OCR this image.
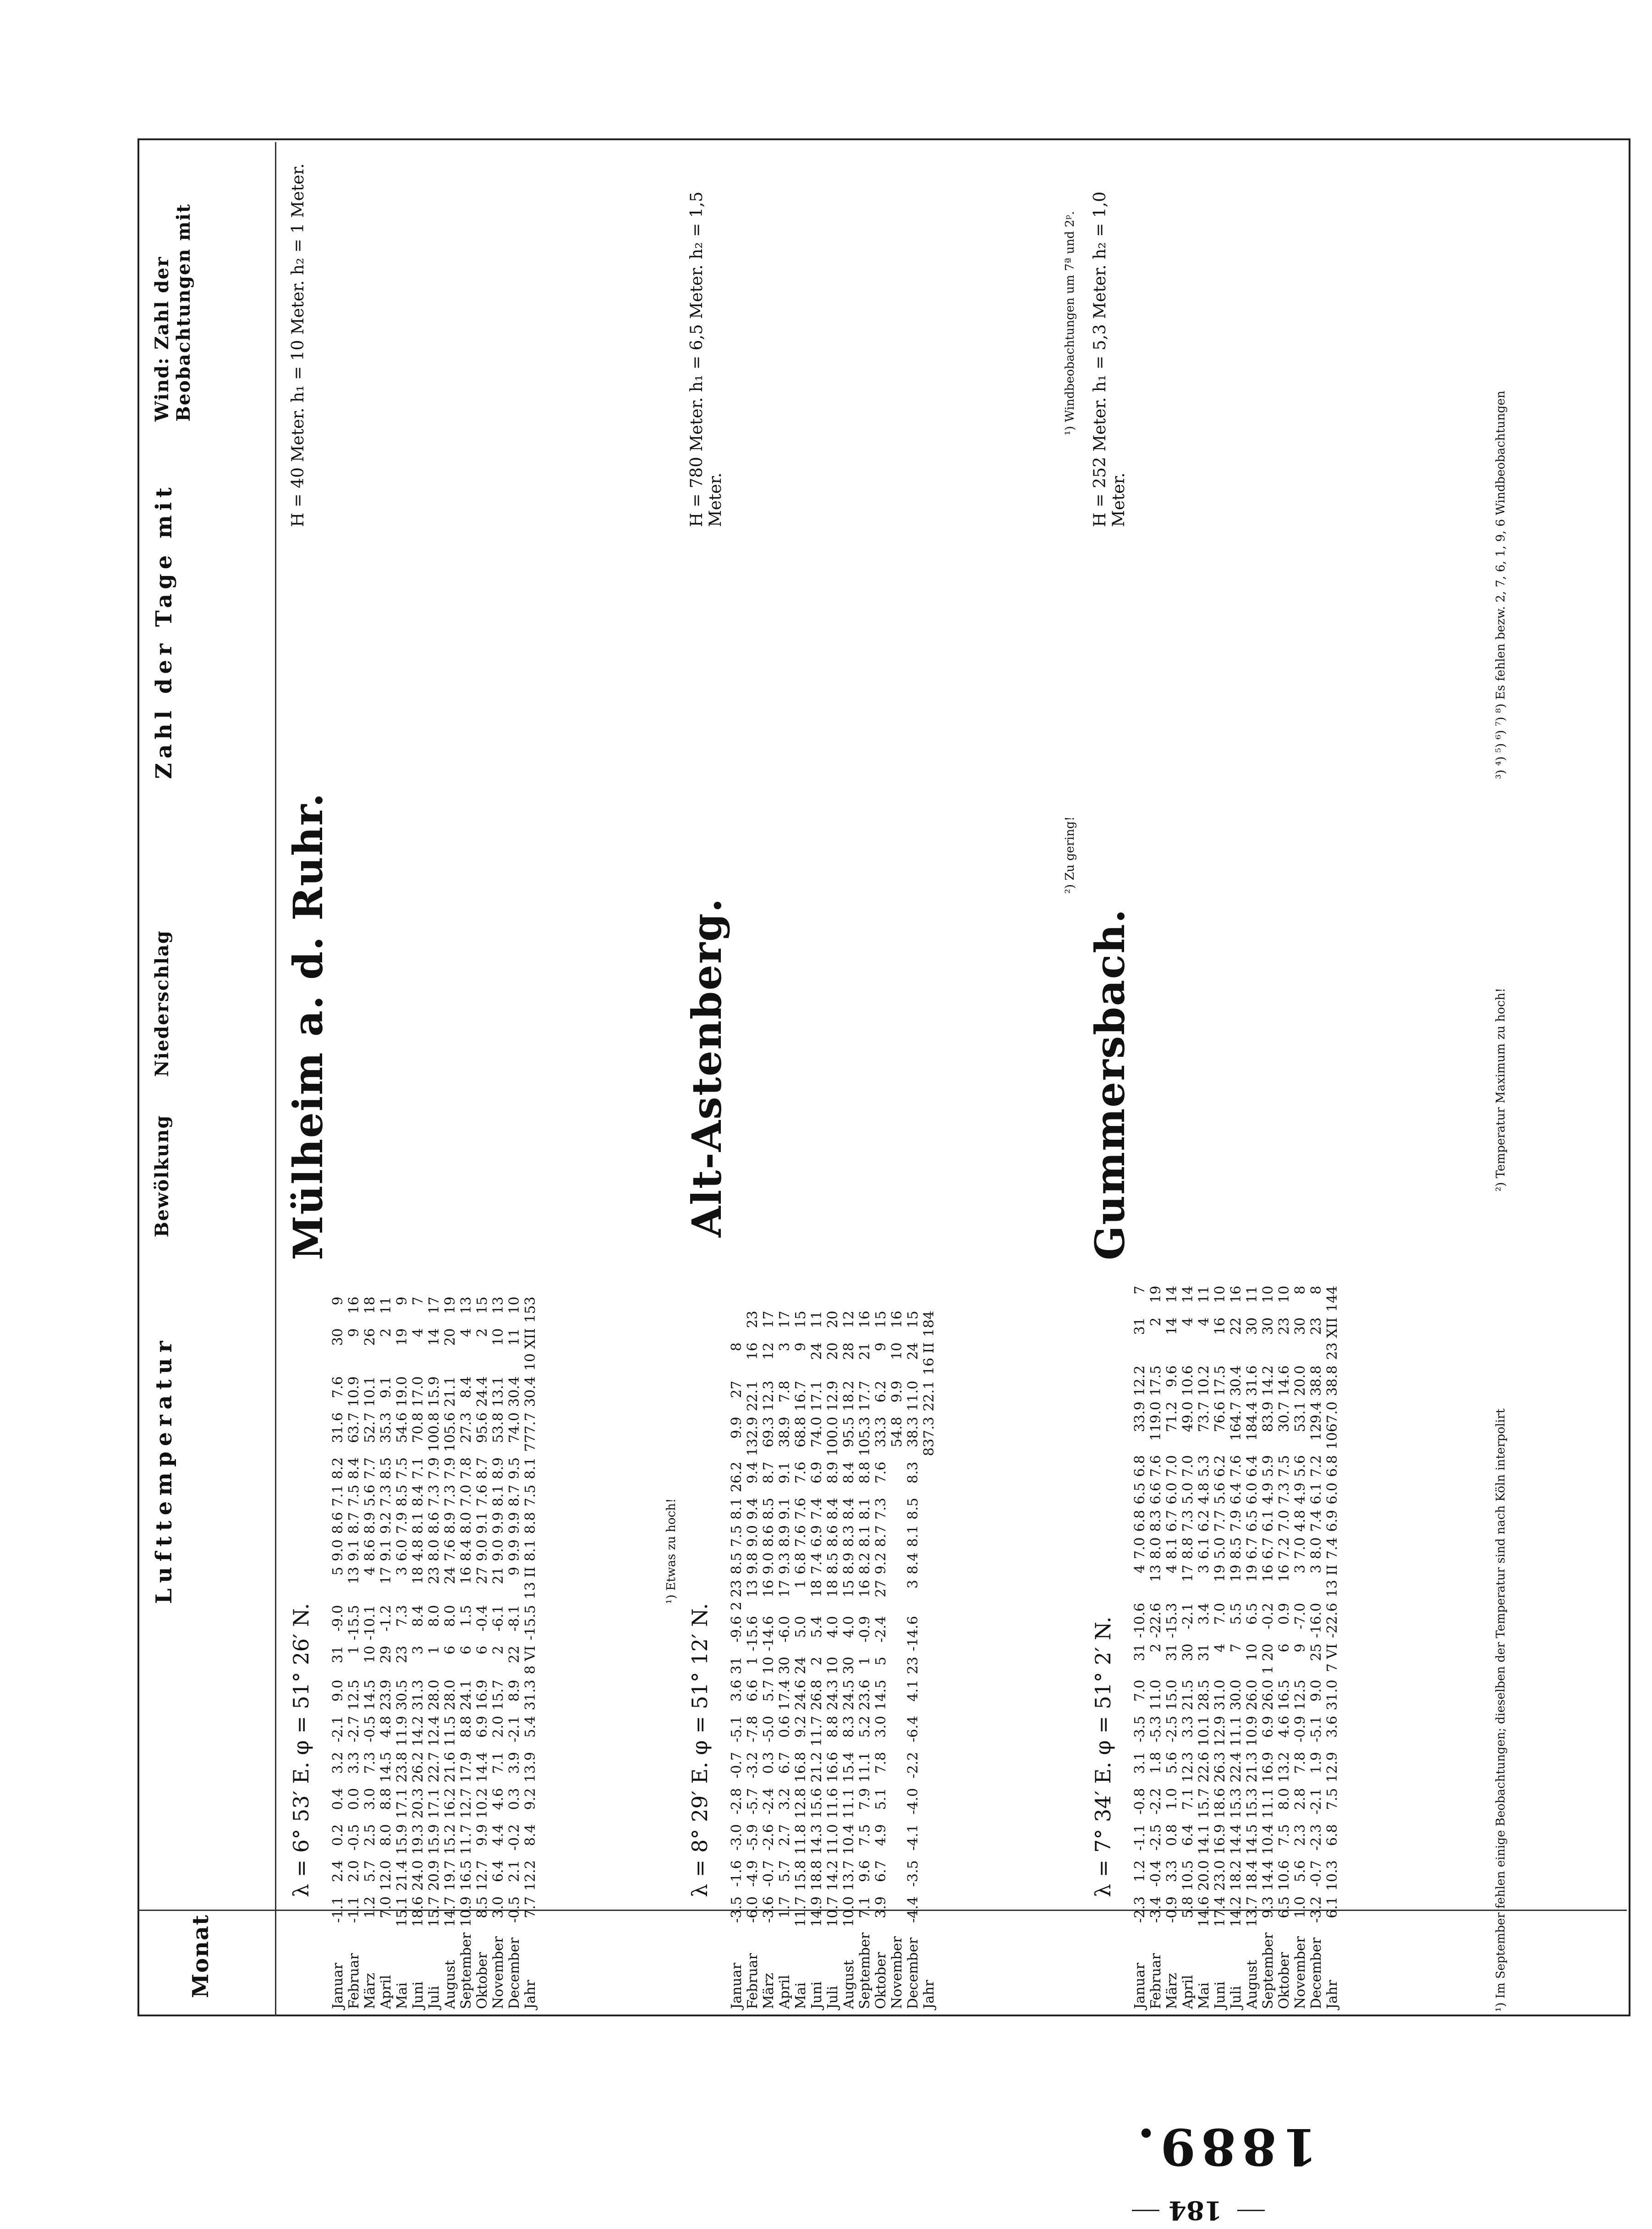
Monat
Lufttemperatur
Bewölkung
Niederschlag
Zahl der Tage mit
Wind: Zahl der Beobachtungen mit
λ = 6° 53′ E. φ = 51° 26′ N.
Mülheim a. d. Ruhr.
H = 40 Meter. h₁ = 10 Meter. h₂ = 1 Meter.
Januar	-1.1	2.4	0.2	0.4	3.2	-2.1	9.0	31	-9.0	5	9.0	8.6	7.1	8.2	31.6	7.6	30	9
Februar	-1.1	2.0	-0.5	0.0	3.3	-2.7	12.5	1	-15.5	13	9.1	8.7	7.5	8.4	63.7	10.9	9	16
März	1.2	5.7	2.5	3.0	7.3	-0.5	14.5	10	-10.1	4	8.6	8.9	5.6	7.7	52.7	10.1	26	18
April	7.0	12.0	8.0	8.8	14.5	4.8	23.9	29	-1.2	17	9.1	9.2	7.3	8.5	35.3	9.1	2	11
Mai	15.1	21.4	15.9	17.1	23.8	11.9	30.5	23	7.3	3	6.0	7.9	8.5	7.5	54.6	19.0	19	9
Juni	18.6	24.0	19.3	20.3	26.2	14.2	31.3	3	8.4	18	4.8	8.1	8.4	7.1	70.8	17.0	4	7
Juli	15.7	20.9	15.9	17.1	22.7	12.4	28.0	1	8.0	23	8.0	8.6	7.3	7.9	100.8	15.9	14	17
August	14.7	19.7	15.2	16.2	21.6	11.5	28.0	6	8.0	24	7.6	8.9	7.3	7.9	105.6	21.1	20	19
September	10.9	16.5	11.7	12.7	17.9	8.8	24.1	6	1.5	16	8.4	8.0	7.0	7.8	27.3	8.4	4	13
Oktober	8.5	12.7	9.9	10.2	14.4	6.9	16.9	6	-0.4	27	9.0	9.1	7.6	8.7	95.6	24.4	2	15
November	3.0	6.4	4.4	4.6	7.1	2.0	15.7	2	-6.1	21	9.0	9.9	8.1	8.9	53.8	13.1	10	13
December	-0.5	2.1	-0.2	0.3	3.9	-2.1	8.9	22	-8.1	9	9.9	9.9	8.7	9.5	74.0	30.4	11	10
Jahr	7.7	12.2	8.4	9.2	13.9	5.4	31.3	8 VI	-15.5	13 II	8.1	8.8	7.5	8.1	777.7	30.4	10 XII	153
¹) Etwas zu hoch!
λ = 8° 29′ E. φ = 51° 12′ N.
Alt-Astenberg.
H = 780 Meter. h₁ = 6,5 Meter. h₂ = 1,5 Meter.
Januar	-3.5	-1.6	-3.0	-2.8	-0.7	-5.1	3.6	31	-9.6	2 23	8.5	7.5	8.1	26.2	9.9	27	8	
Februar	-6.0	-4.9	-5.9	-5.7	-3.2	-7.8	6.6	1	-15.6	13	9.8	9.0	9.4	9.4	132.9	22.1	16	23
März	-3.6	-0.7	-2.6	-2.4	0.3	-5.0	5.7	10	-14.6	16	9.0	8.6	8.5	8.7	69.3	12.3	12	17
April	1.7	5.7	2.7	3.2	6.7	0.6	17.4	30	-6.0	17	9.3	8.9	9.1	9.1	38.9	7.8	3	17
Mai	11.7	15.8	11.8	12.8	16.8	9.2	24.6	24	5.0	1	6.8	7.6	7.6	7.6	68.8	16.7	9	15
Juni	14.9	18.8	14.3	15.6	21.2	11.7	26.8	2	5.4	18	7.4	6.9	7.4	6.9	74.0	17.1	24	11
Juli	10.7	14.2	11.0	11.6	16.6	8.8	24.3	10	4.0	18	8.5	8.6	8.4	8.9	100.0	12.9	20	20
August	10.0	13.7	10.4	11.1	15.4	8.3	24.5	30	4.0	15	8.9	8.3	8.4	8.4	95.5	18.2	28	12
September	7.1	9.6	7.5	7.9	11.1	5.2	23.6	1	-0.9	16	8.2	8.1	8.1	8.8	105.3	17.7	21	16
Oktober	3.9	6.7	4.9	5.1	7.8	3.0	14.5	5	-2.4	27	9.2	8.7	7.3	7.6	33.3	6.2	9	15
November															54.8	9.9	10	16
December	-4.4	-3.5	-4.1	-4.0	-2.2	-6.4	4.1	23	-14.6	3	8.4	8.1	8.5	8.3	38.3	11.0	24	15
Jahr															837.3	22.1	16 II	184
²) Zu gering!
¹) Windbeobachtungen um 7ª und 2ᵖ.
λ = 7° 34′ E. φ = 51° 2′ N.
Gummersbach.
H = 252 Meter. h₁ = 5,3 Meter. h₂ = 1,0 Meter.
Januar	-2.3	1.2	-1.1	-0.8	3.1	-3.5	7.0	31	-10.6	4	7.0	6.8	6.5	6.8	33.9	12.2	31	7
Februar	-3.4	-0.4	-2.5	-2.2	1.8	-5.3	11.0	2	-22.6	13	8.0	8.3	6.6	7.6	119.0	17.5	2	19
März	-0.9	3.3	0.8	1.0	5.6	-2.5	15.0	31	-15.3	4	8.1	6.7	6.0	7.0	71.2	9.6	14	14
April	5.8	10.5	6.4	7.1	12.3	3.3	21.5	30	-2.1	17	8.8	7.3	5.0	7.0	49.0	10.6	4	14
Mai	14.6	20.0	14.1	15.7	22.6	10.1	28.5	31	3.4	3	6.1	6.2	4.8	5.3	73.7	10.2	4	11
Juni	17.4	23.0	16.9	18.6	26.3	12.9	31.0	4	7.0	19	5.0	7.7	5.6	6.2	76.6	17.5	16	10
Juli	14.2	18.2	14.4	15.3	22.4	11.1	30.0	7	5.5	19	8.5	7.9	6.4	7.6	164.7	30.4	22	16
August	13.7	18.4	14.5	15.3	21.3	10.9	26.0	10	6.5	19	6.7	6.5	6.0	6.4	184.4	31.6	30	11
September	9.3	14.4	10.4	11.1	16.9	6.9	26.0	1 20	-0.2	16	6.7	6.1	4.9	5.9	83.9	14.2	30	10
Oktober	6.5	10.6	7.5	8.0	13.2	4.6	16.5	6	0.9	16	7.2	7.0	7.3	7.5	30.7	14.6	23	10
November	1.0	5.6	2.3	2.8	7.8	-0.9	12.5	9	-7.0	3	7.0	4.8	4.9	5.6	53.1	20.0	30	8
December	-3.2	-0.7	-2.3	-2.1	1.9	-5.1	9.0	25	-16.0	3	8.0	7.4	6.1	7.2	129.4	38.8	23	8
Jahr	6.1	10.3	6.8	7.5	12.9	3.6	31.0	7 VI	-22.6	13 II	7.4	6.9	6.0	6.8	1067.0	38.8	23 XII	144
¹) Im September fehlen einige Beobachtungen; dieselben der Temperatur sind nach Köln interpolirt
²) Temperatur Maximum zu hoch!
³) ⁴) ⁵) ⁶) ⁷) ⁸) Es fehlen bezw. 2, 7, 6, 1, 9, 6 Windbeobachtungen
184
1889.
